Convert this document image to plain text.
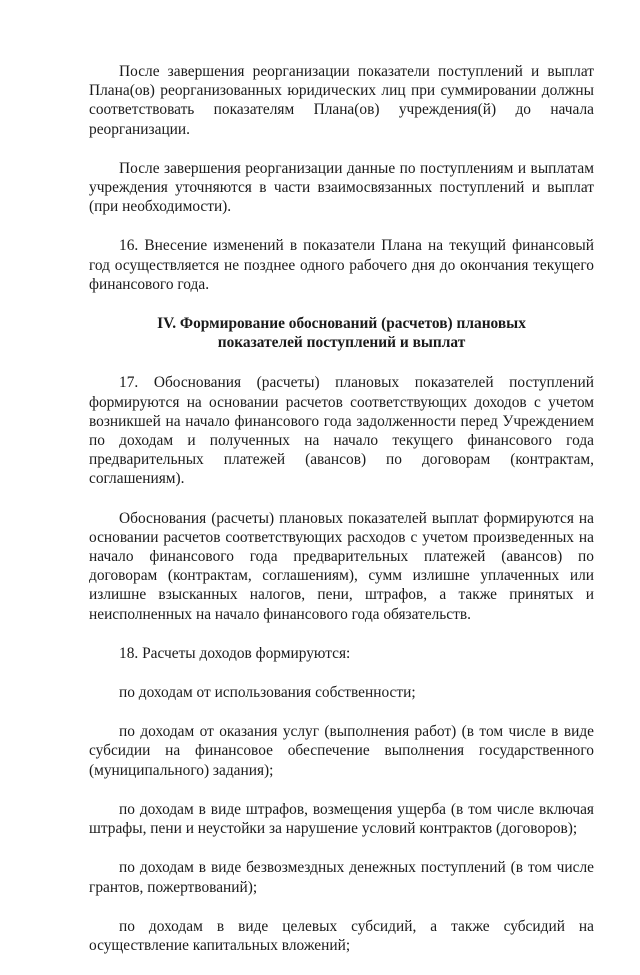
После завершения реорганизации показатели поступлений и выплат Плана(ов) реорганизованных юридических лиц при суммировании должны соответствовать показателям Плана(ов) учреждения(й) до начала реорганизации.

После завершения реорганизации данные по поступлениям и выплатам учреждения уточняются в части взаимосвязанных поступлений и выплат (при необходимости).

16. Внесение изменений в показатели Плана на текущий финансовый год осуществляется не позднее одного рабочего дня до окончания текущего финансового года.

IV. Формирование обоснований (расчетов) плановых
показателей поступлений и выплат

17. Обоснования (расчеты) плановых показателей поступлений формируются на основании расчетов соответствующих доходов с учетом возникшей на начало финансового года задолженности перед Учреждением по доходам и полученных на начало текущего финансового года предварительных платежей (авансов) по договорам (контрактам, соглашениям).

Обоснования (расчеты) плановых показателей выплат формируются на основании расчетов соответствующих расходов с учетом произведенных на начало финансового года предварительных платежей (авансов) по договорам (контрактам, соглашениям), сумм излишне уплаченных или излишне взысканных налогов, пени, штрафов, а также принятых и неисполненных на начало финансового года обязательств.

18. Расчеты доходов формируются:

по доходам от использования собственности;

по доходам от оказания услуг (выполнения работ) (в том числе в виде субсидии на финансовое обеспечение выполнения государственного (муниципального) задания);

по доходам в виде штрафов, возмещения ущерба (в том числе включая штрафы, пени и неустойки за нарушение условий контрактов (договоров);

по доходам в виде безвозмездных денежных поступлений (в том числе грантов, пожертвований);

по доходам в виде целевых субсидий, а также субсидий на осуществление капитальных вложений;
